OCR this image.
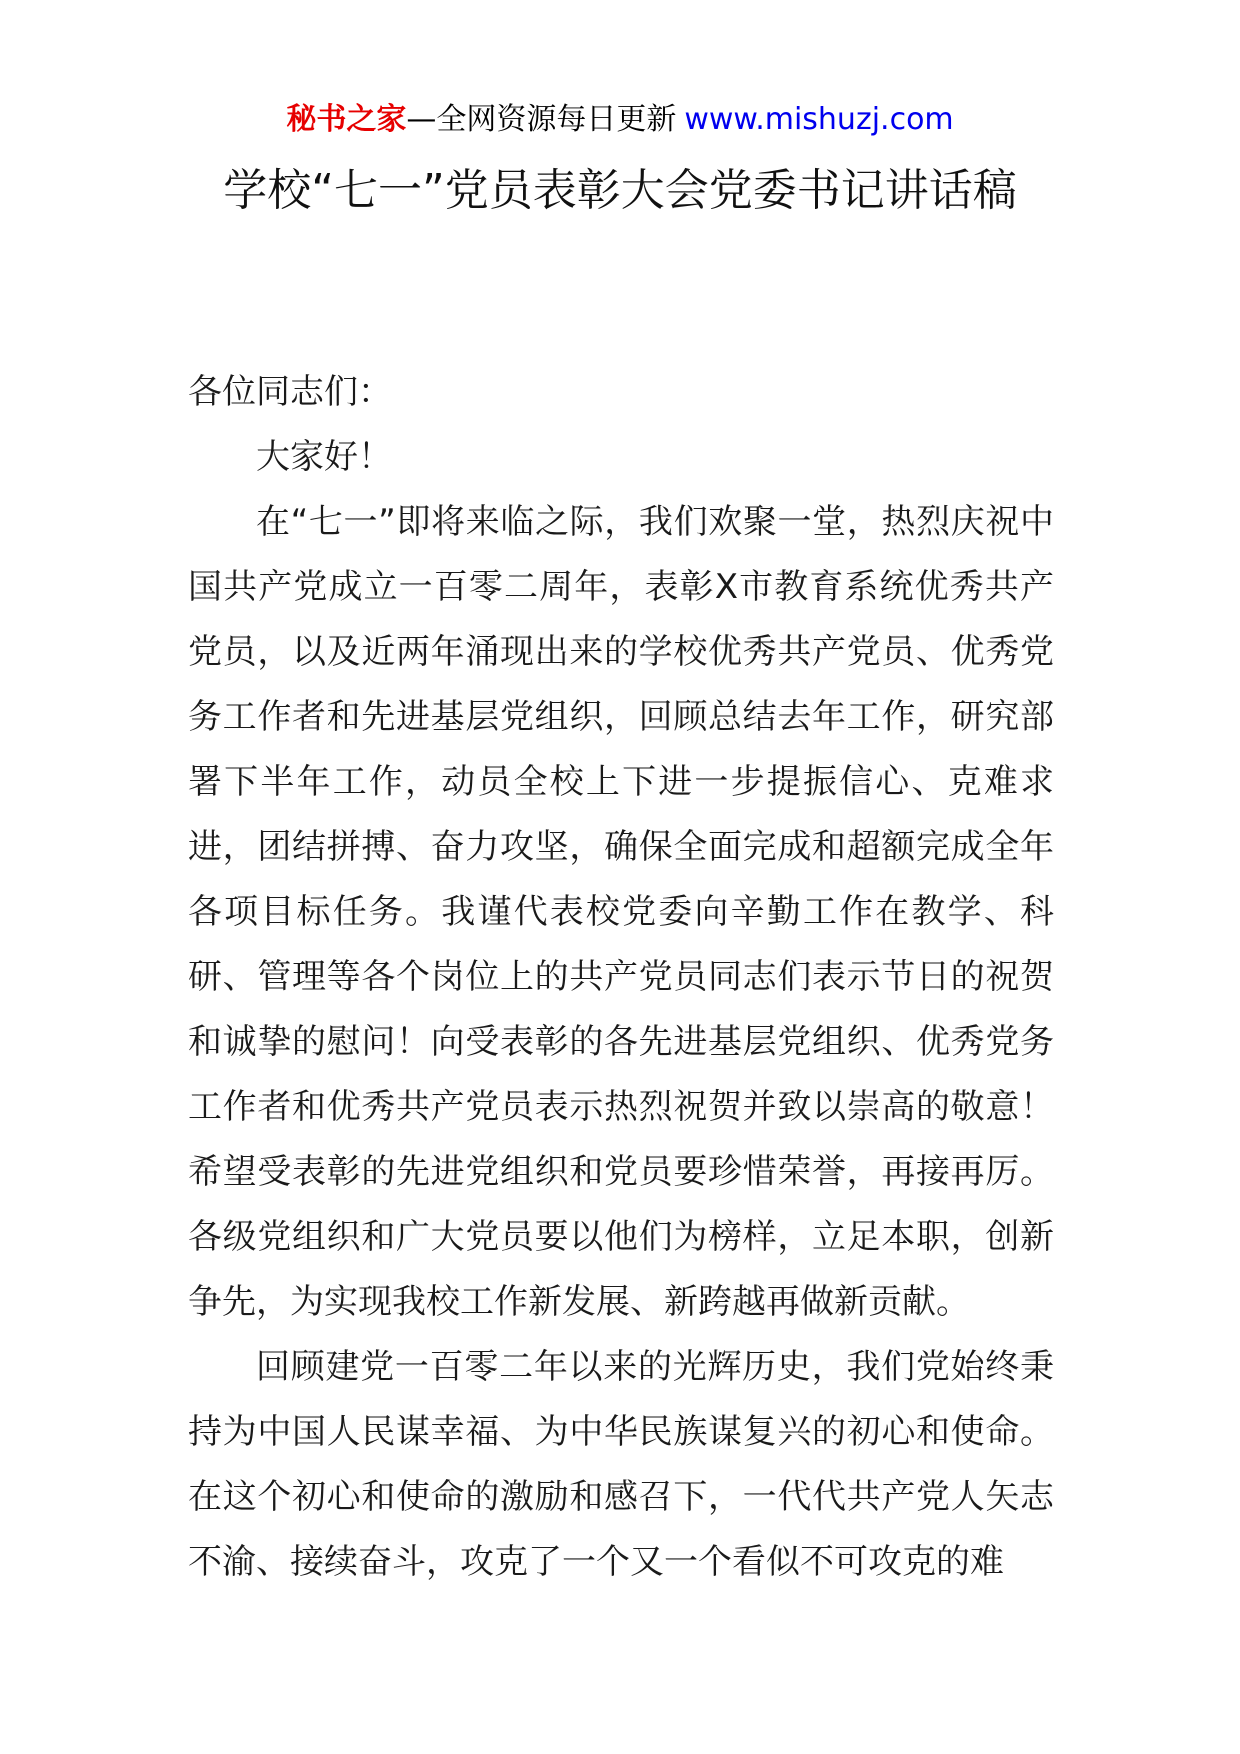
秘书之家—全网资源每日更新 www.mishuzj.com
学校“七一”党员表彰大会党委书记讲话稿

各位同志们：

大家好！

在“七一”即将来临之际，我们欢聚一堂，热烈庆祝中国共产党成立一百零二周年，表彰X市教育系统优秀共产党员，以及近两年涌现出来的学校优秀共产党员、优秀党务工作者和先进基层党组织，回顾总结去年工作，研究部署下半年工作，动员全校上下进一步提振信心、克难求进，团结拼搏、奋力攻坚，确保全面完成和超额完成全年各项目标任务。我谨代表校党委向辛勤工作在教学、科研、管理等各个岗位上的共产党员同志们表示节日的祝贺和诚挚的慰问！向受表彰的各先进基层党组织、优秀党务工作者和优秀共产党员表示热烈祝贺并致以崇高的敬意！希望受表彰的先进党组织和党员要珍惜荣誉，再接再厉。各级党组织和广大党员要以他们为榜样，立足本职，创新争先，为实现我校工作新发展、新跨越再做新贡献。

回顾建党一百零二年以来的光辉历史，我们党始终秉持为中国人民谋幸福、为中华民族谋复兴的初心和使命。在这个初心和使命的激励和感召下，一代代共产党人矢志不渝、接续奋斗，攻克了一个又一个看似不可攻克的难
